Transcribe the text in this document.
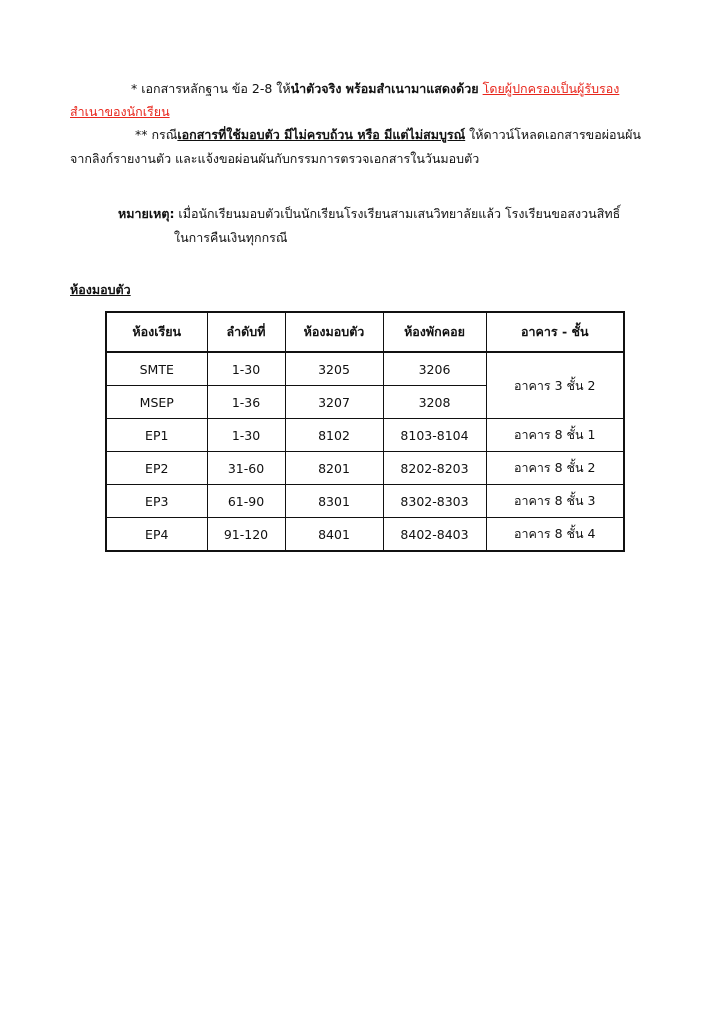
* เอกสารหลักฐาน ข้อ 2-8 ให้นำตัวจริง พร้อมสำเนามาแสดงด้วย โดยผู้ปกครองเป็นผู้รับรอง
สำเนาของนักเรียน
** กรณีเอกสารที่ใช้มอบตัว มีไม่ครบถ้วน หรือ มีแต่ไม่สมบูรณ์ ให้ดาวน์โหลดเอกสารขอผ่อนผัน
จากลิงก์รายงานตัว และแจ้งขอผ่อนผันกับกรรมการตรวจเอกสารในวันมอบตัว
หมายเหตุ: เมื่อนักเรียนมอบตัวเป็นนักเรียนโรงเรียนสามเสนวิทยาลัยแล้ว โรงเรียนขอสงวนสิทธิ์
ในการคืนเงินทุกกรณี
ห้องมอบตัว
ห้องเรียน	ลำดับที่	ห้องมอบตัว	ห้องพักคอย	อาคาร - ชั้น
SMTE	1-30	3205	3206	อาคาร 3 ชั้น 2
MSEP	1-36	3207	3208	
EP1	1-30	8102	8103-8104	อาคาร 8 ชั้น 1
EP2	31-60	8201	8202-8203	อาคาร 8 ชั้น 2
EP3	61-90	8301	8302-8303	อาคาร 8 ชั้น 3
EP4	91-120	8401	8402-8403	อาคาร 8 ชั้น 4
